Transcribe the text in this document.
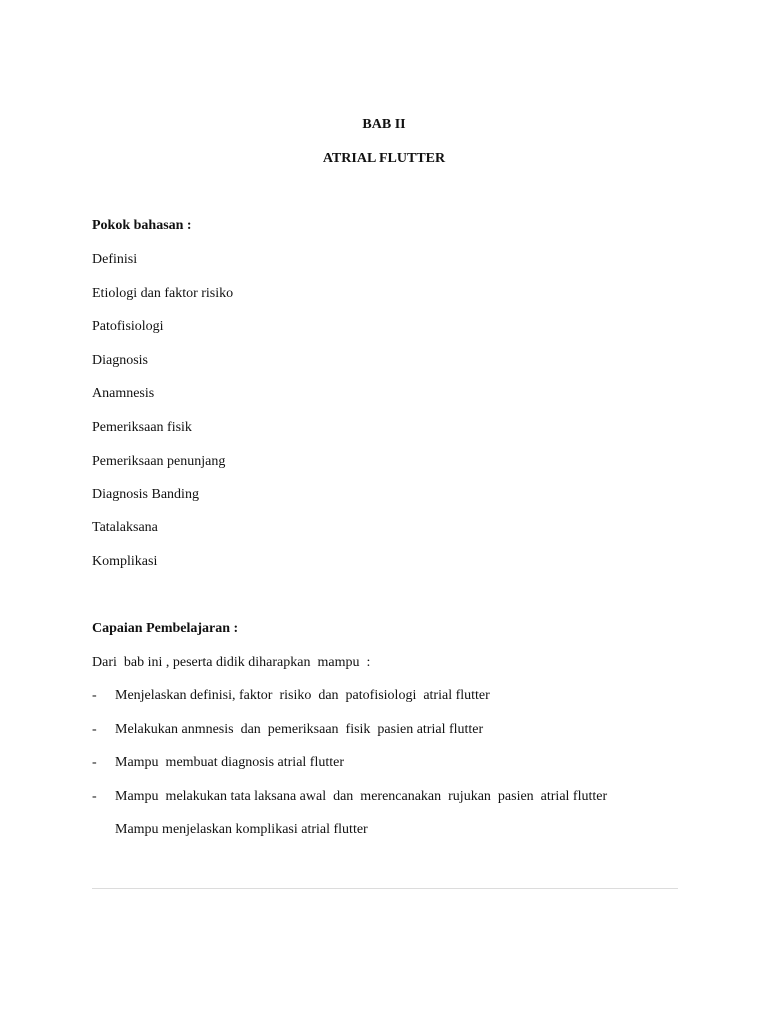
BAB II
ATRIAL FLUTTER

Pokok bahasan :

Definisi

Etiologi dan faktor risiko

Patofisiologi

Diagnosis

Anamnesis

Pemeriksaan fisik

Pemeriksaan penunjang

Diagnosis Banding

Tatalaksana

Komplikasi

Capaian Pembelajaran :

Dari  bab ini , peserta didik diharapkan  mampu  :

- Menjelaskan definisi, faktor  risiko  dan  patofisiologi  atrial flutter
- Melakukan anmnesis  dan  pemeriksaan  fisik  pasien atrial flutter
- Mampu  membuat diagnosis atrial flutter
- Mampu  melakukan tata laksana awal  dan  merencanakan  rujukan  pasien  atrial flutter

Mampu menjelaskan komplikasi atrial flutter
